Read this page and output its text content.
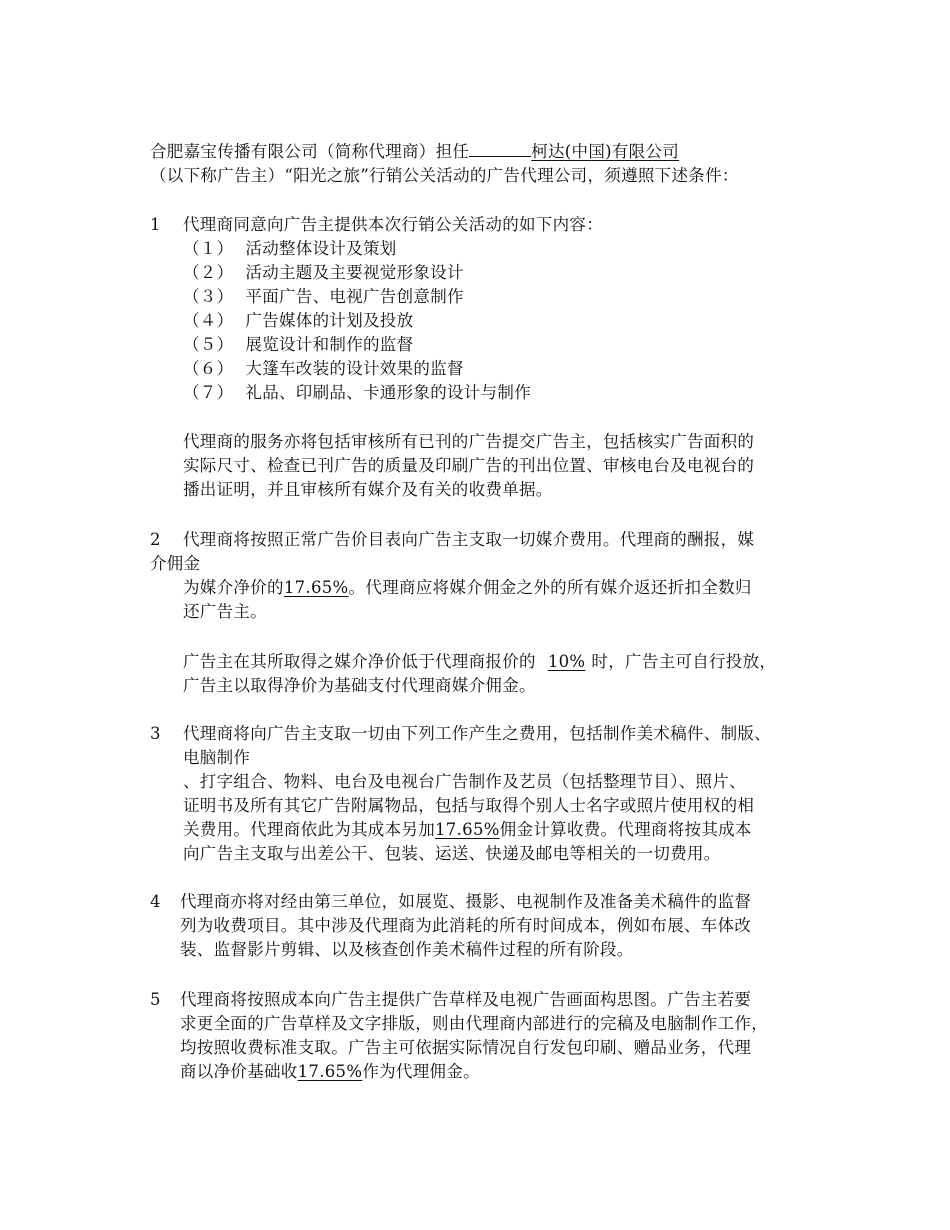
合肥嘉宝传播有限公司（简称代理商）担任	柯达(中国)有限公司
（以下称广告主）“阳光之旅”行销公关活动的广告代理公司，须遵照下述条件：
1 代理商同意向广告主提供本次行销公关活动的如下内容：
（１） 活动整体设计及策划
（２） 活动主题及主要视觉形象设计
（３） 平面广告、电视广告创意制作
（４） 广告媒体的计划及投放
（５） 展览设计和制作的监督
（６） 大篷车改装的设计效果的监督
（７） 礼品、印刷品、卡通形象的设计与制作
代理商的服务亦将包括审核所有已刊的广告提交广告主，包括核实广告面积的
实际尺寸、检查已刊广告的质量及印刷广告的刊出位置、审核电台及电视台的
播出证明，并且审核所有媒介及有关的收费单据。
2 代理商将按照正常广告价目表向广告主支取一切媒介费用。代理商的酬报，媒
介佣金
为媒介净价的17.65%。代理商应将媒介佣金之外的所有媒介返还折扣全数归
还广告主。
广告主在其所取得之媒介净价低于代理商报价的 10% 时，广告主可自行投放，
广告主以取得净价为基础支付代理商媒介佣金。
3 代理商将向广告主支取一切由下列工作产生之费用，包括制作美术稿件、制版、
电脑制作
、打字组合、物料、电台及电视台广告制作及艺员（包括整理节目）、照片、
证明书及所有其它广告附属物品，包括与取得个别人士名字或照片使用权的相
关费用。代理商依此为其成本另加17.65%佣金计算收费。代理商将按其成本
向广告主支取与出差公干、包装、运送、快递及邮电等相关的一切费用。
4 代理商亦将对经由第三单位，如展览、摄影、电视制作及准备美术稿件的监督
列为收费项目。其中涉及代理商为此消耗的所有时间成本，例如布展、车体改
装、监督影片剪辑、以及核查创作美术稿件过程的所有阶段。
5 代理商将按照成本向广告主提供广告草样及电视广告画面构思图。广告主若要
求更全面的广告草样及文字排版，则由代理商内部进行的完稿及电脑制作工作，
均按照收费标准支取。广告主可依据实际情况自行发包印刷、赠品业务，代理
商以净价基础收17.65%作为代理佣金。
